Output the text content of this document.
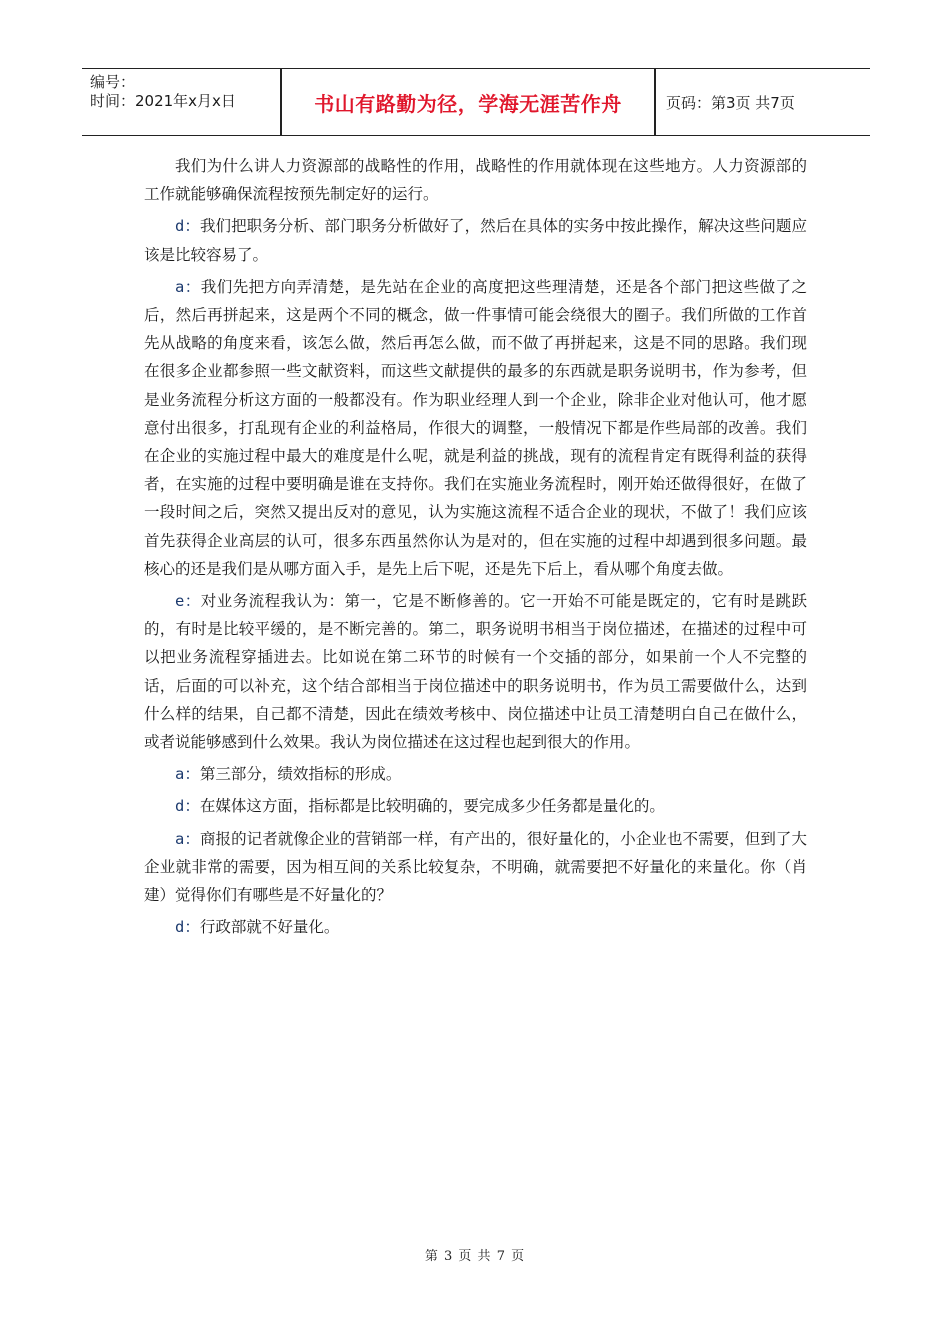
编号：
时间：2021年x月x日	书山有路勤为径，学海无涯苦作舟	页码：第3页 共7页

我们为什么讲人力资源部的战略性的作用，战略性的作用就体现在这些地方。人力资源部的工作就能够确保流程按预先制定好的运行。

d：我们把职务分析、部门职务分析做好了，然后在具体的实务中按此操作，解决这些问题应该是比较容易了。

a：我们先把方向弄清楚，是先站在企业的高度把这些理清楚，还是各个部门把这些做了之后，然后再拼起来，这是两个不同的概念，做一件事情可能会绕很大的圈子。我们所做的工作首先从战略的角度来看，该怎么做，然后再怎么做，而不做了再拼起来，这是不同的思路。我们现在很多企业都参照一些文献资料，而这些文献提供的最多的东西就是职务说明书，作为参考，但是业务流程分析这方面的一般都没有。作为职业经理人到一个企业，除非企业对他认可，他才愿意付出很多，打乱现有企业的利益格局，作很大的调整，一般情况下都是作些局部的改善。我们在企业的实施过程中最大的难度是什么呢，就是利益的挑战，现有的流程肯定有既得利益的获得者，在实施的过程中要明确是谁在支持你。我们在实施业务流程时，刚开始还做得很好，在做了一段时间之后，突然又提出反对的意见，认为实施这流程不适合企业的现状，不做了！我们应该首先获得企业高层的认可，很多东西虽然你认为是对的，但在实施的过程中却遇到很多问题。最核心的还是我们是从哪方面入手，是先上后下呢，还是先下后上，看从哪个角度去做。

e：对业务流程我认为：第一，它是不断修善的。它一开始不可能是既定的，它有时是跳跃的，有时是比较平缓的，是不断完善的。第二，职务说明书相当于岗位描述，在描述的过程中可以把业务流程穿插进去。比如说在第二环节的时候有一个交插的部分，如果前一个人不完整的话，后面的可以补充，这个结合部相当于岗位描述中的职务说明书，作为员工需要做什么，达到什么样的结果，自己都不清楚，因此在绩效考核中、岗位描述中让员工清楚明白自己在做什么，或者说能够感到什么效果。我认为岗位描述在这过程也起到很大的作用。

a：第三部分，绩效指标的形成。

d：在媒体这方面，指标都是比较明确的，要完成多少任务都是量化的。

a：商报的记者就像企业的营销部一样，有产出的，很好量化的，小企业也不需要，但到了大企业就非常的需要，因为相互间的关系比较复杂，不明确，就需要把不好量化的来量化。你（肖建）觉得你们有哪些是不好量化的？

d：行政部就不好量化。

第 3 页 共 7 页
